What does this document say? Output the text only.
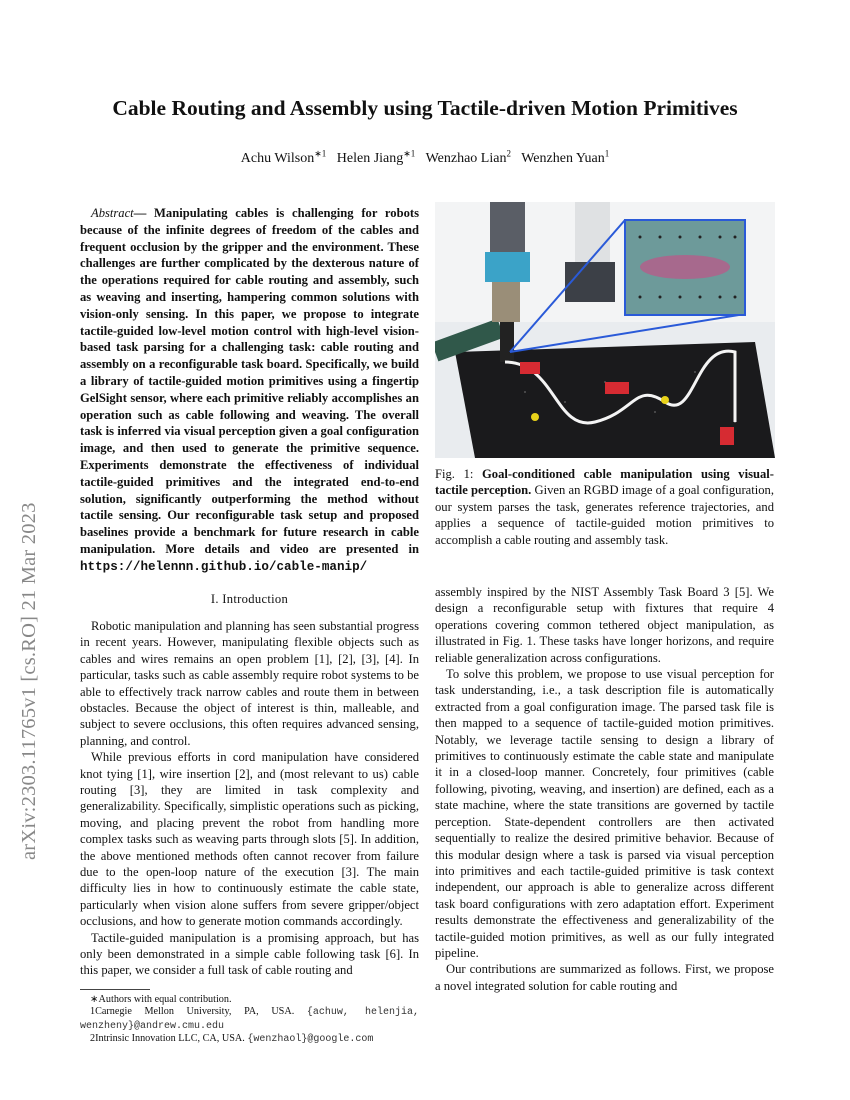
arXiv:2303.11765v1 [cs.RO] 21 Mar 2023
Cable Routing and Assembly using Tactile-driven Motion Primitives
Achu Wilson$^{∗1}$ Helen Jiang$^{∗1}$ Wenzhao Lian$^2$ Wenzhen Yuan$^1$

Abstract— Manipulating cables is challenging for robots because of the infinite degrees of freedom of the cables and frequent occlusion by the gripper and the environment. These challenges are further complicated by the dexterous nature of the operations required for cable routing and assembly, such as weaving and inserting, hampering common solutions with vision-only sensing. In this paper, we propose to integrate tactile-guided low-level motion control with high-level vision-based task parsing for a challenging task: cable routing and assembly on a reconfigurable task board. Specifically, we build a library of tactile-guided motion primitives using a fingertip GelSight sensor, where each primitive reliably accomplishes an operation such as cable following and weaving. The overall task is inferred via visual perception given a goal configuration image, and then used to generate the primitive sequence. Experiments demonstrate the effectiveness of individual tactile-guided primitives and the integrated end-to-end solution, significantly outperforming the method without tactile sensing. Our reconfigurable task setup and proposed baselines provide a benchmark for future research in cable manipulation. More details and video are presented in https://helennn.github.io/cable-manip/

I. Introduction

Robotic manipulation and planning has seen substantial progress in recent years. However, manipulating flexible objects such as cables and wires remains an open problem [1], [2], [3], [4]. In particular, tasks such as cable assembly require robot systems to be able to effectively track narrow cables and route them in between obstacles. Because the object of interest is thin, malleable, and subject to severe occlusions, this often requires advanced sensing, planning, and control.

While previous efforts in cord manipulation have considered knot tying [1], wire insertion [2], and (most relevant to us) cable routing [3], they are limited in task complexity and generalizability. Specifically, simplistic operations such as picking, moving, and placing prevent the robot from handling more complex tasks such as weaving parts through slots [5]. In addition, the above mentioned methods often cannot recover from failure due to the open-loop nature of the execution [3]. The main difficulty lies in how to continuously estimate the cable state, particularly when vision alone suffers from severe gripper/object occlusions, and how to generate motion commands accordingly.

Tactile-guided manipulation is a promising approach, but has only been demonstrated in a simple cable following task [6]. In this paper, we consider a full task of cable routing and

∗Authors with equal contribution.
1Carnegie Mellon University, PA, USA. {achuw, helenjia, wenzheny}@andrew.cmu.edu
2Intrinsic Innovation LLC, CA, USA. {wenzhaol}@google.com

Fig. 1: Goal-conditioned cable manipulation using visual-tactile perception. Given an RGBD image of a goal configuration, our system parses the task, generates reference trajectories, and applies a sequence of tactile-guided motion primitives to accomplish a cable routing and assembly task.

assembly inspired by the NIST Assembly Task Board 3 [5]. We design a reconfigurable setup with fixtures that require 4 operations covering common tethered object manipulation, as illustrated in Fig. 1. These tasks have longer horizons, and require reliable generalization across configurations.

To solve this problem, we propose to use visual perception for task understanding, i.e., a task description file is automatically extracted from a goal configuration image. The parsed task file is then mapped to a sequence of tactile-guided motion primitives. Notably, we leverage tactile sensing to design a library of primitives to continuously estimate the cable state and manipulate it in a closed-loop manner. Concretely, four primitives (cable following, pivoting, weaving, and insertion) are defined, each as a state machine, where the state transitions are governed by tactile perception. State-dependent controllers are then activated sequentially to realize the desired primitive behavior. Because of this modular design where a task is parsed via visual perception into primitives and each tactile-guided primitive is task context independent, our approach is able to generalize across different task board configurations with zero adaptation effort. Experiment results demonstrate the effectiveness and generalizability of the tactile-guided motion primitives, as well as our fully integrated pipeline.

Our contributions are summarized as follows. First, we propose a novel integrated solution for cable routing and
